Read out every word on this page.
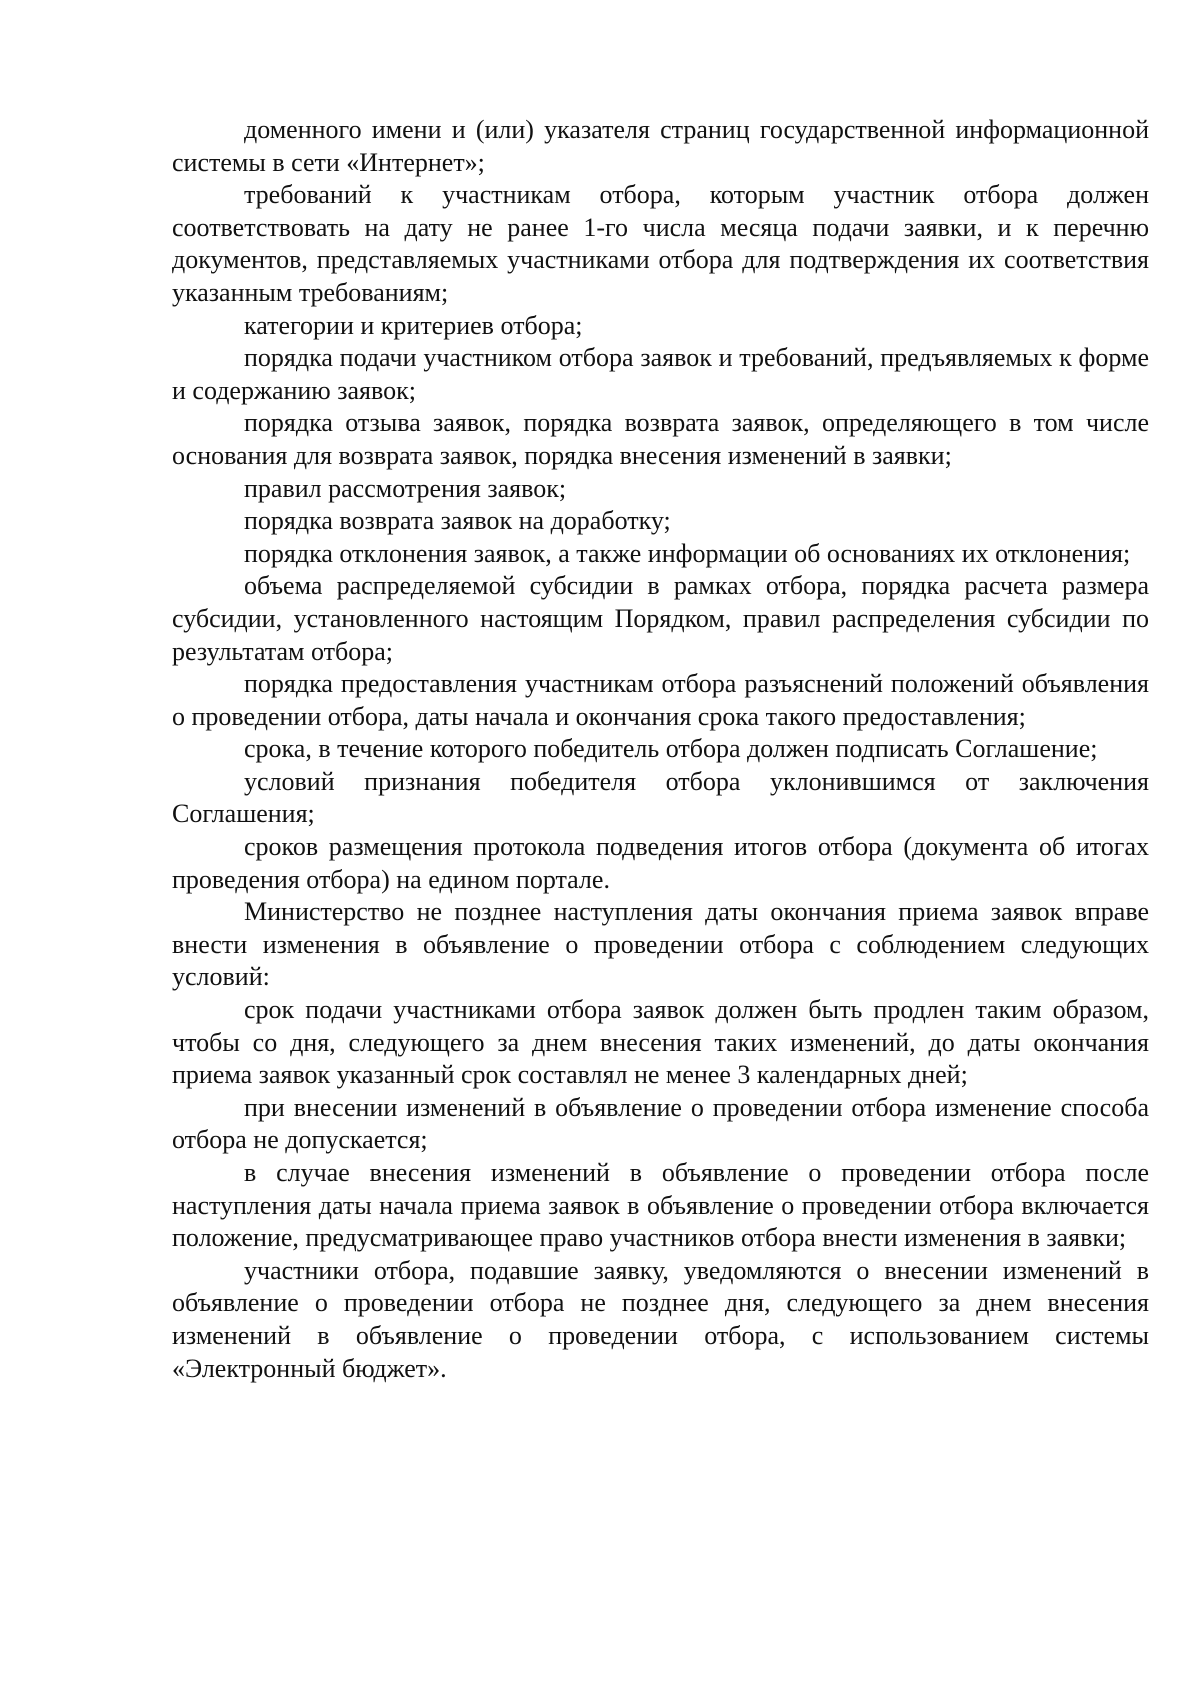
доменного имени и (или) указателя страниц государственной информационной системы в сети «Интернет»;

требований к участникам отбора, которым участник отбора должен соответствовать на дату не ранее 1-го числа месяца подачи заявки, и к перечню документов, представляемых участниками отбора для подтверждения их соответствия указанным требованиям;

категории и критериев отбора;

порядка подачи участником отбора заявок и требований, предъявляемых к форме и содержанию заявок;

порядка отзыва заявок, порядка возврата заявок, определяющего в том числе основания для возврата заявок, порядка внесения изменений в заявки;

правил рассмотрения заявок;

порядка возврата заявок на доработку;

порядка отклонения заявок, а также информации об основаниях их отклонения;

объема распределяемой субсидии в рамках отбора, порядка расчета размера субсидии, установленного настоящим Порядком, правил распределения субсидии по результатам отбора;

порядка предоставления участникам отбора разъяснений положений объявления о проведении отбора, даты начала и окончания срока такого предоставления;

срока, в течение которого победитель отбора должен подписать Соглашение;

условий признания победителя отбора уклонившимся от заключения Соглашения;

сроков размещения протокола подведения итогов отбора (документа об итогах проведения отбора) на едином портале.

Министерство не позднее наступления даты окончания приема заявок вправе внести изменения в объявление о проведении отбора с соблюдением следующих условий:

срок подачи участниками отбора заявок должен быть продлен таким образом, чтобы со дня, следующего за днем внесения таких изменений, до даты окончания приема заявок указанный срок составлял не менее 3 календарных дней;

при внесении изменений в объявление о проведении отбора изменение способа отбора не допускается;

в случае внесения изменений в объявление о проведении отбора после наступления даты начала приема заявок в объявление о проведении отбора включается положение, предусматривающее право участников отбора внести изменения в заявки;

участники отбора, подавшие заявку, уведомляются о внесении изменений в объявление о проведении отбора не позднее дня, следующего за днем внесения изменений в объявление о проведении отбора, с использованием системы «Электронный бюджет».
